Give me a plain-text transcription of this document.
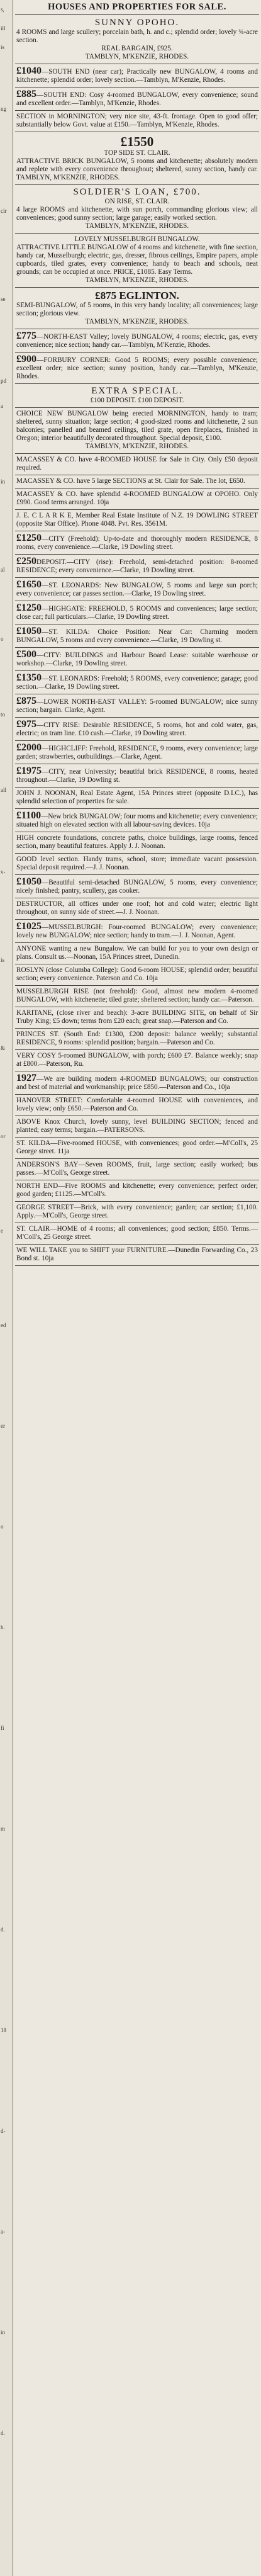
s,
ill
is
ng
cir
se
pd
a
in
al
o
to
all
v-
is
&
or
e
ed
er
o
h.
fi
m
d.
18
d-
a-
in
d.
HOUSES AND PROPERTIES FOR SALE.

SUNNY OPOHO.

4 ROOMS and large scullery; porcelain bath, h. and c.; splendid order; lovely ¾-acre section.

REAL BARGAIN, £925.

TAMBLYN, M'KENZIE, RHODES.

£1040—SOUTH END (near car); Practically new BUNGALOW, 4 rooms and kitchenette; splendid order; lovely section.—Tamblyn, M'Kenzie, Rhodes.

£885—SOUTH END: Cosy 4-roomed BUNGALOW, every convenience; sound and excellent order.—Tamblyn, M'Kenzie, Rhodes.

SECTION in MORNINGTON; very nice site, 43-ft. frontage. Open to good offer; substantially below Govt. value at £150.—Tamblyn, M'Kenzie, Rhodes.

£1550

TOP SIDE ST. CLAIR.

ATTRACTIVE BRICK BUNGALOW, 5 rooms and kitchenette; absolutely modern and replete with every convenience throughout; sheltered, sunny section, handy car. TAMBLYN, M'KENZIE, RHODES.

SOLDIER'S LOAN, £700.

ON RISE, ST. CLAIR.

4 large ROOMS and kitchenette, with sun porch, commanding glorious view; all conveniences; good sunny section; large garage; easily worked section.

TAMBLYN, M'KENZIE, RHODES.

LOVELY MUSSELBURGH BUNGALOW.

ATTRACTIVE LITTLE BUNGALOW of 4 rooms and kitchenette, with fine section, handy car, Musselburgh; electric, gas, dresser, fibrous ceilings, Empire papers, ample cupboards, tiled grates, every convenience; handy to beach and schools, neat grounds; can be occupied at once. PRICE, £1085. Easy Terms.

TAMBLYN, M'KENZIE, RHODES.

£875 EGLINTON.

SEMI-BUNGALOW, of 5 rooms, in this very handy locality; all conveniences; large section; glorious view.

TAMBLYN, M'KENZIE, RHODES.

£775—NORTH-EAST Valley; lovely BUNGALOW, 4 rooms; electric, gas, every convenience; nice section; handy car.—Tamblyn, M'Kenzie, Rhodes.

£900—FORBURY CORNER: Good 5 ROOMS; every possible convenience; excellent order; nice section; sunny position, handy car.—Tamblyn, M'Kenzie, Rhodes.

EXTRA SPECIAL.

£100 DEPOSIT. £100 DEPOSIT.

CHOICE NEW BUNGALOW being erected MORNINGTON, handy to tram; sheltered, sunny situation; large section; 4 good-sized rooms and kitchenette, 2 sun balconies; panelled and beamed ceilings, tiled grate, open fireplaces, finished in Oregon; interior beautifully decorated throughout. Special deposit, £100.

TAMBLYN, M'KENZIE, RHODES.

MACASSEY & CO. have 4-ROOMED HOUSE for Sale in City. Only £50 deposit required.

MACASSEY & CO. have 5 large SECTIONS at St. Clair for Sale. The lot, £650.

MACASSEY & CO. have splendid 4-ROOMED BUNGALOW at OPOHO. Only £990. Good terms arranged. 10ja

J. E. C L A R K E, Member Real Estate Institute of N.Z. 19 DOWLING STREET (opposite Star Office). Phone 4048. Pvt. Res. 3561M.

£1250—CITY (Freehold): Up-to-date and thoroughly modern RESIDENCE, 8 rooms, every convenience.—Clarke, 19 Dowling street.

£250DEPOSIT.—CITY (rise): Freehold, semi-detached position: 8-roomed RESIDENCE; every convenience.—Clarke, 19 Dowling street.

£1650—ST. LEONARDS: New BUNGALOW, 5 rooms and large sun porch; every convenience; car passes section.—Clarke, 19 Dowling street.

£1250—HIGHGATE: FREEHOLD, 5 ROOMS and conveniences; large section; close car; full particulars.—Clarke, 19 Dowling street.

£1050—ST. KILDA: Choice Position: Near Car: Charming modern BUNGALOW, 5 rooms and every convenience.—Clarke, 19 Dowling st.

£500—CITY: BUILDINGS and Harbour Board Lease: suitable warehouse or workshop.—Clarke, 19 Dowling street.

£1350—ST. LEONARDS: Freehold; 5 ROOMS, every convenience; garage; good section.—Clarke, 19 Dowling street.

£875—LOWER NORTH-EAST VALLEY: 5-roomed BUNGALOW; nice sunny section; bargain. Clarke, Agent.

£975—CITY RISE: Desirable RESIDENCE, 5 rooms, hot and cold water, gas, electric; on tram line. £10 cash.—Clarke, 19 Dowling street.

£2000—HIGHCLIFF: Freehold, RESIDENCE, 9 rooms, every convenience; large garden; strawberries, outbuildings.—Clarke, Agent.

£1975—CITY, near University; beautiful brick RESIDENCE, 8 rooms, heated throughout.—Clarke, 19 Dowling st.

JOHN J. NOONAN, Real Estate Agent, 15A Princes street (opposite D.I.C.), has splendid selection of properties for sale.

£1100—New brick BUNGALOW; four rooms and kitchenette; every convenience; situated high on elevated section with all labour-saving devices. 10ja

HIGH concrete foundations, concrete paths, choice buildings, large rooms, fenced section, many beautiful features. Apply J. J. Noonan.

GOOD level section. Handy trams, school, store; immediate vacant possession. Special deposit required.—J. J. Noonan.

£1050—Beautiful semi-detached BUNGALOW, 5 rooms, every convenience; nicely finished; pantry, scullery, gas cooker.

DESTRUCTOR, all offices under one roof; hot and cold water; electric light throughout, on sunny side of street.—J. J. Noonan.

£1025—MUSSELBURGH: Four-roomed BUNGALOW; every convenience; lovely new BUNGALOW; nice section; handy to tram.—J. J. Noonan, Agent.

ANYONE wanting a new Bungalow. We can build for you to your own design or plans. Consult us.—Noonan, 15A Princes street, Dunedin.

ROSLYN (close Columba College): Good 6-room HOUSE; splendid order; beautiful section; every convenience. Paterson and Co. 10ja

MUSSELBURGH RISE (not freehold): Good, almost new modern 4-roomed BUNGALOW, with kitchenette; tiled grate; sheltered section; handy car.—Paterson.

KARITANE, (close river and beach): 3-acre BUILDING SITE, on behalf of Sir Truby King; £5 down; terms from £20 each; great snap.—Paterson and Co.

PRINCES ST. (South End: £1300, £200 deposit: balance weekly; substantial RESIDENCE, 9 rooms: splendid position; bargain.—Paterson and Co.

VERY COSY 5-roomed BUNGALOW, with porch; £600 £7. Balance weekly; snap at £800.—Paterson, Ru.

1927—We are building modern 4-ROOMED BUNGALOWS; our construction and best of material and workmanship; price £850.—Paterson and Co., 10ja

HANOVER STREET: Comfortable 4-roomed HOUSE with conveniences, and lovely view; only £650.—Paterson and Co.

ABOVE Knox Church, lovely sunny, level BUILDING SECTION; fenced and planted; easy terms; bargain.—PATERSONS.

ST. KILDA—Five-roomed HOUSE, with conveniences; good order.—M'Coll's, 25 George street. 11ja

ANDERSON'S BAY—Seven ROOMS, fruit, large section; easily worked; bus passes.—M'Coll's, George street.

NORTH END—Five ROOMS and kitchenette; every convenience; perfect order; good garden; £1125.—M'Coll's.

GEORGE STREET—Brick, with every convenience; garden; car section; £1,100. Apply.—M'Coll's, George street.

ST. CLAIR—HOME of 4 rooms; all conveniences; good section; £850. Terms.—M'Coll's, 25 George street.

WE WILL TAKE you to SHIFT your FURNITURE.—Dunedin Forwarding Co., 23 Bond st. 10ja
